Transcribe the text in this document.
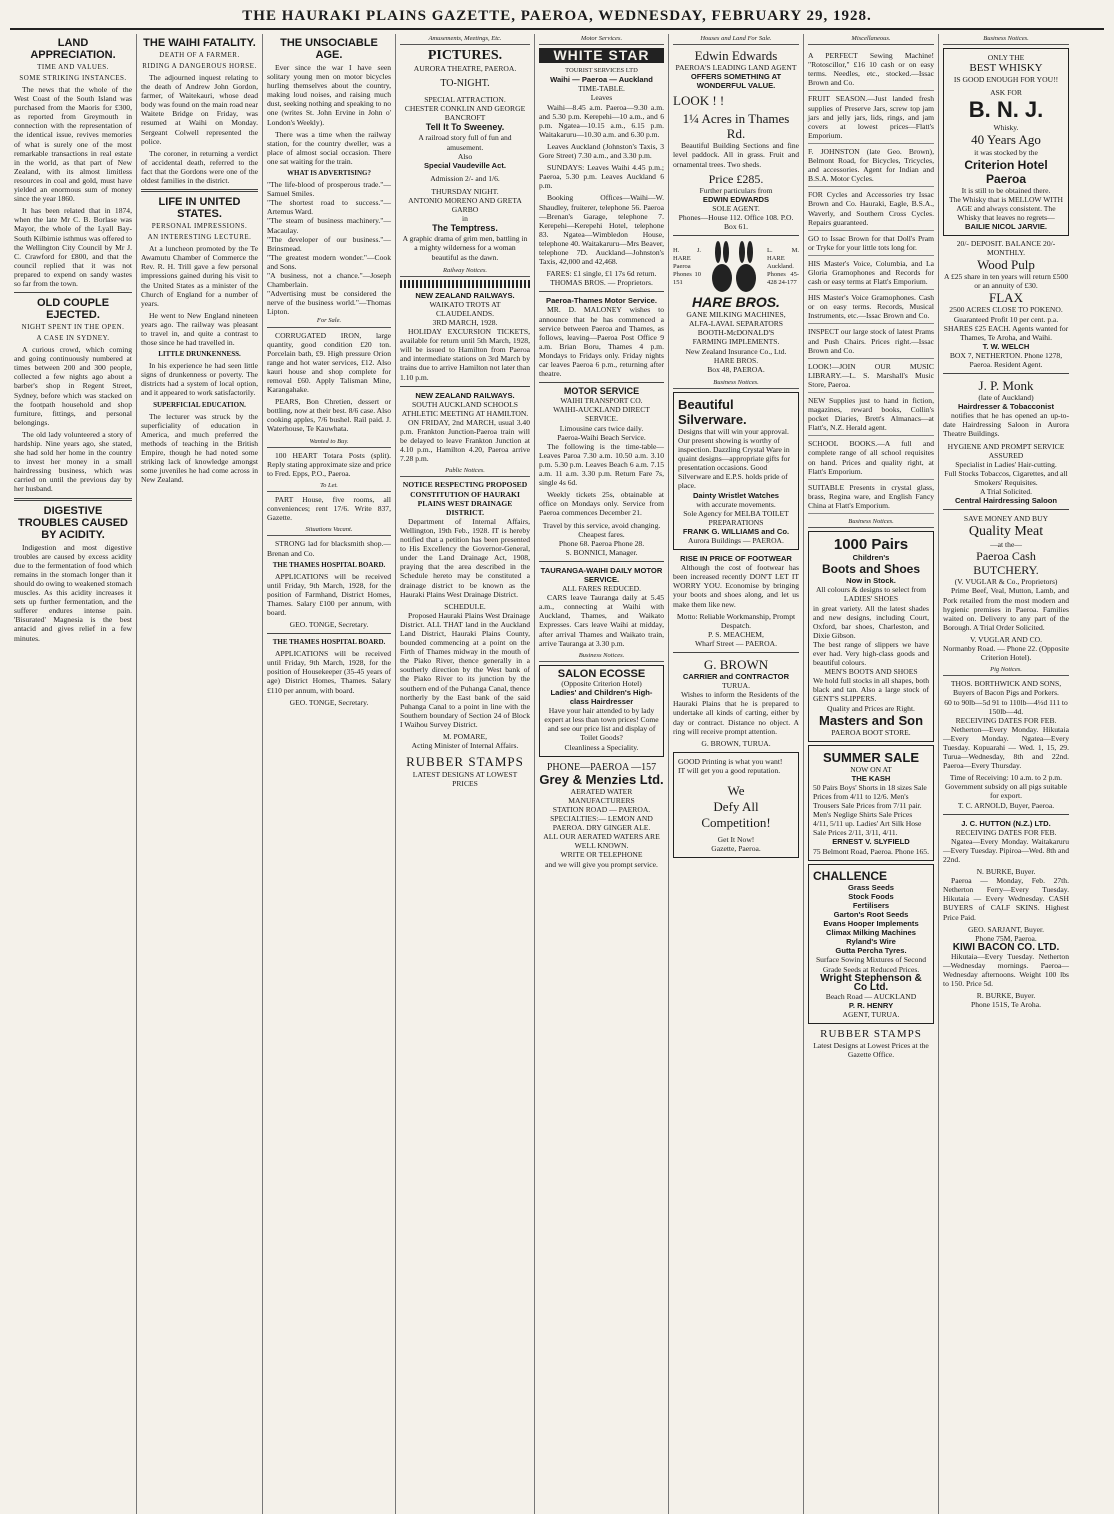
THE HAURAKI PLAINS GAZETTE, PAEROA, WEDNESDAY, FEBRUARY 29, 1928.
LAND APPRECIATION.
TIME AND VALUES.
SOME STRIKING INSTANCES.

The news that the whole of the West Coast of the South Island was purchased from the Maoris for £300, as reported from Greymouth in connection with the representation of the identical issue, revives memories of what is surely one of the most remarkable transactions in real estate in the world, as that part of New Zealand, with its almost limitless resources in coal and gold, must have yielded an enormous sum of money since the year 1860.

It has been related that in 1874, when the late Mr C. B. Borlase was Mayor, the whole of the Lyall Bay-South Kilbirnie isthmus was offered to the Wellington City Council by Mr J. C. Crawford for £800, and that the council replied that it was not prepared to expend on sandy wastes so far from the town.

OLD COUPLE EJECTED.
NIGHT SPENT IN THE OPEN.
A CASE IN SYDNEY.

A curious crowd, which coming and going continuously numbered at times between 200 and 300 people, collected a few nights ago about a barber's shop in Regent Street, Sydney, before which was stacked on the footpath household and shop furniture, fittings, and personal belongings.

The old lady volunteered a story of hardship. Nine years ago, she stated, she had sold her home in the country to invest her money in a small hairdressing business, which was carried on until the previous day by her husband.

DIGESTIVE TROUBLES CAUSED BY ACIDITY.

Indigestion and most digestive troubles are caused by excess acidity due to the fermentation of food which remains in the stomach longer than it should do owing to weakened stomach muscles. As this acidity increases it sets up further fermentation, and the sufferer endures intense pain. 'Bisurated' Magnesia is the best antacid and gives relief in a few minutes.

THE WAIHI FATALITY.
DEATH OF A FARMER.
RIDING A DANGEROUS HORSE.

The adjourned inquest relating to the death of Andrew John Gordon, farmer, of Waitekauri, whose dead body was found on the main road near Waitete Bridge on Friday, was resumed at Waihi on Monday. Sergeant Colwell represented the police.

The coroner, in returning a verdict of accidental death, referred to the fact that the Gordons were one of the oldest families in the district.

LIFE IN UNITED STATES.
PERSONAL IMPRESSIONS.
AN INTERESTING LECTURE.

At a luncheon promoted by the Te Awamutu Chamber of Commerce the Rev. R. H. Trill gave a few personal impressions gained during his visit to the United States as a minister of the Church of England for a number of years.

He went to New England nineteen years ago. The railway was pleasant to travel in, and quite a contrast to those since he had travelled in.

LITTLE DRUNKENNESS.

In his experience he had seen little signs of drunkenness or poverty. The districts had a system of local option, and it appeared to work satisfactorily.

SUPERFICIAL EDUCATION.

The lecturer was struck by the superficiality of education in America, and much preferred the methods of teaching in the British Empire, though he had noted some striking lack of knowledge amongst some juveniles he had come across in New Zealand.

THE UNSOCIABLE AGE.

Ever since the war I have seen solitary young men on motor bicycles hurling themselves about the country, making loud noises, and raising much dust, seeking nothing and speaking to no one (writes St. John Ervine in John o' London's Weekly).

There was a time when the railway station, for the country dweller, was a place of almost social occasion. There one sat waiting for the train.

WHAT IS ADVERTISING?
"The life-blood of prosperous trade."—Samuel Smiles.
"The shortest road to success."—Artemus Ward.
"The steam of business machinery."—Macaulay.
"The developer of our business."—Brinsmead.
"The greatest modern wonder."—Cook and Sons.
"A business, not a chance."—Joseph Chamberlain.
"Advertising must be considered the nerve of the business world."—Thomas Lipton.
For Sale.

CORRUGATED IRON, large quantity, good condition £20 ton. Porcelain bath, £9. High pressure Orion range and hot water services, £12. Also kauri house and shop complete for removal £60. Apply Talisman Mine, Karangahake.

PEARS, Bon Chretien, dessert or bottling, now at their best. 8/6 case. Also cooking apples, 7/6 bushel. Rail paid. J. Waterhouse, Te Kauwhata.

Wanted to Buy.

100 HEART Totara Posts (split). Reply stating approximate size and price to Fred. Epps, P.O., Paeroa.

To Let.

PART House, five rooms, all conveniences; rent 17/6. Write 837, Gazette.

Situations Vacant.

STRONG lad for blacksmith shop.—Brenan and Co.

THE THAMES HOSPITAL BOARD.

APPLICATIONS will be received until Friday, 9th March, 1928, for the position of Farmhand, District Homes, Thames. Salary £100 per annum, with board.

GEO. TONGE, Secretary.
THE THAMES HOSPITAL BOARD.

APPLICATIONS will be received until Friday, 9th March, 1928, for the position of Housekeeper (35-45 years of age) District Homes, Thames. Salary £110 per annum, with board.

GEO. TONGE, Secretary.
Amusements, Meetings, Etc.
PICTURES.
AURORA THEATRE, PAEROA.
TO-NIGHT.
SPECIAL ATTRACTION.
CHESTER CONKLIN AND GEORGE BANCROFT
Tell It To Sweeney.
A railroad story full of fun and amusement.
Also
Special Vaudeville Act.
Admission 2/- and 1/6.
THURSDAY NIGHT.
ANTONIO MORENO AND GRETA GARBO
in
The Temptress.
A graphic drama of grim men, battling in a mighty wilderness for a woman beautiful as the dawn.
Railway Notices.
NEW ZEALAND RAILWAYS.
WAIKATO TROTS AT CLAUDELANDS.
3RD MARCH, 1928.

HOLIDAY EXCURSION TICKETS, available for return until 5th March, 1928, will be issued to Hamilton from Paeroa and intermediate stations on 3rd March by trains due to arrive Hamilton not later than 1.10 p.m.

NEW ZEALAND RAILWAYS.
SOUTH AUCKLAND SCHOOLS ATHLETIC MEETING AT HAMILTON.

ON FRIDAY, 2nd MARCH, usual 3.40 p.m. Frankton Junction-Paeroa train will be delayed to leave Frankton Junction at 4.10 p.m., Hamilton 4.20, Paeroa arrive 7.28 p.m.

Public Notices.
NOTICE RESPECTING PROPOSED CONSTITUTION OF HAURAKI PLAINS WEST DRAINAGE DISTRICT.

Department of Internal Affairs, Wellington, 19th Feb., 1928. IT is hereby notified that a petition has been presented to His Excellency the Governor-General, under the Land Drainage Act, 1908, praying that the area described in the Schedule hereto may be constituted a drainage district to be known as the Hauraki Plains West Drainage District.

SCHEDULE.

Proposed Hauraki Plains West Drainage District. ALL THAT land in the Auckland Land District, Hauraki Plains County, bounded commencing at a point on the Firth of Thames midway in the mouth of the Piako River, thence generally in a southerly direction by the West bank of the Piako River to its junction by the southern end of the Puhanga Canal, thence northerly by the East bank of the said Puhanga Canal to a point in line with the Southern boundary of Section 24 of Block I Waihou Survey District.

M. POMARE,
Acting Minister of Internal Affairs.
RUBBER STAMPS
LATEST DESIGNS AT LOWEST PRICES
Motor Services.
WHITE STAR
TOURIST SERVICES LTD
Waihi — Paeroa — Auckland
TIME-TABLE.
Leaves

Waihi—8.45 a.m. Paeroa—9.30 a.m. and 5.30 p.m. Kerepehi—10 a.m., and 6 p.m. Ngatea—10.15 a.m., 6.15 p.m. Waitakaruru—10.30 a.m. and 6.30 p.m.

Leaves Auckland (Johnston's Taxis, 3 Gore Street) 7.30 a.m., and 3.30 p.m.

SUNDAYS: Leaves Waihi 4.45 p.m.; Paeroa, 5.30 p.m. Leaves Auckland 6 p.m.

Booking Offices—Waihi—W. Shaudley, fruiterer, telephone 56. Paeroa—Brenan's Garage, telephone 7. Kerepehi—Kerepehi Hotel, telephone 83. Ngatea—Wimbledon House, telephone 40. Waitakaruru—Mrs Beaver, telephone 7D. Auckland—Johnston's Taxis, 42,000 and 42,468.

FARES: £1 single, £1 17s 6d return.
THOMAS BROS. — Proprietors.
Paeroa-Thames Motor Service.

MR. D. MALONEY wishes to announce that he has commenced a service between Paeroa and Thames, as follows, leaving—Paeroa Post Office 9 a.m. Brian Boru, Thames 4 p.m. Mondays to Fridays only. Friday nights car leaves Paeroa 6 p.m., returning after theatre.

MOTOR SERVICE
WAIHI TRANSPORT CO.
WAIHI-AUCKLAND DIRECT SERVICE.
Limousine cars twice daily.
Paeroa-Waihi Beach Service.

The following is the time-table— Leaves Paroa 7.30 a.m. 10.50 a.m. 3.10 p.m. 5.30 p.m. Leaves Beach 6 a.m. 7.15 a.m. 11 a.m. 3.30 p.m. Return Fare 7s, single 4s 6d.

Weekly tickets 25s, obtainable at office on Mondays only. Service from Paeroa commences December 21.

Travel by this service, avoid changing. Cheapest fares.
Phone 68. Paeroa Phone 28.
S. BONNICI, Manager.
TAURANGA-WAIHI DAILY MOTOR SERVICE.
ALL FARES REDUCED.

CARS leave Tauranga daily at 5.45 a.m., connecting at Waihi with Auckland, Thames, and Waikato Expresses. Cars leave Waihi at midday, after arrival Thames and Waikato train, arrive Tauranga at 3.30 p.m.

Business Notices.
SALON ECOSSE
(Opposite Criterion Hotel)
Ladies' and Children's High-class Hairdresser
Have your hair attended to by lady expert at less than town prices! Come and see our price list and display of Toilet Goods?
Cleanliness a Speciality.
PHONE—PAEROA —157
Grey & Menzies Ltd.
AERATED WATER MANUFACTURERS
STATION ROAD — PAEROA.
SPECIALTIES:— LEMON AND PAEROA. DRY GINGER ALE.
ALL OUR AERATED WATERS ARE WELL KNOWN.
WRITE OR TELEPHONE
and we will give you prompt service.
Houses and Land For Sale.
Edwin Edwards
PAEROA'S LEADING LAND AGENT
OFFERS SOMETHING AT WONDERFUL VALUE.
LOOK ! !
1¼ Acres in Thames Rd.

Beautiful Building Sections and fine level paddock. All in grass. Fruit and ornamental trees. Two sheds.

Price £285.
Further particulars from
EDWIN EDWARDS
SOLE AGENT.
Phones—House 112. Office 108. P.O. Box 61.
H. J. HARE Paeroa Phones 10 151
L. M. HARE Auckland. Phones 45-428 24-177
HARE BROS.
GANE MILKING MACHINES,
ALFA-LAVAL SEPARATORS
BOOTH-McDONALD'S
FARMING IMPLEMENTS.
New Zealand Insurance Co., Ltd.
HARE BROS.
Box 48, PAEROA.
Business Notices.
Beautiful Silverware.
Designs that will win your approval. Our present showing is worthy of inspection. Dazzling Crystal Ware in quaint designs—appropriate gifts for presentation occasions. Good Silverware and E.P.S. holds pride of place.
Dainty Wristlet Watches
with accurate movements.
Sole Agency for MELBA TOILET PREPARATIONS
FRANK G. WILLIAMS and Co.
Aurora Buildings — PAEROA.
RISE IN PRICE OF FOOTWEAR

Although the cost of footwear has been increased recently DON'T LET IT WORRY YOU. Economise by bringing your boots and shoes along, and let us make them like new.

Motto: Reliable Workmanship, Prompt Despatch.
P. S. MEACHEM,
Wharf Street — PAEROA.
G. BROWN
CARRIER and CONTRACTOR
TURUA.

Wishes to inform the Residents of the Hauraki Plains that he is prepared to undertake all kinds of carting, either by day or contract. Distance no object. A ring will receive prompt attention.

G. BROWN, TURUA.
GOOD Printing is what you want!
IT will get you a good reputation.
We
Defy All
Competition!
Get It Now!
Gazette, Paeroa.
Miscellaneous.
A PERFECT Sewing Machine! "Rotoscillor," £16 10 cash or on easy terms. Needles, etc., stocked.—Issac Brown and Co.
FRUIT SEASON.—Just landed fresh supplies of Preserve Jars, screw top jam jars and jelly jars, lids, rings, and jam covers at lowest prices—Flatt's Emporium.
F. JOHNSTON (late Geo. Brown), Belmont Road, for Bicycles, Tricycles, and accessories. Agent for Indian and B.S.A. Motor Cycles.
FOR Cycles and Accessories try Issac Brown and Co. Hauraki, Eagle, B.S.A., Waverly, and Southern Cross Cycles. Repairs guaranteed.
GO to Issac Brown for that Doll's Pram or Tryke for your little tots long for.
HIS Master's Voice, Columbia, and La Gloria Gramophones and Records for cash or easy terms at Flatt's Emporium.
HIS Master's Voice Gramophones. Cash or on easy terms. Records, Musical Instruments, etc.—Issac Brown and Co.
INSPECT our large stock of latest Prams and Push Chairs. Prices right.—Issac Brown and Co.
LOOK!—JOIN OUR MUSIC LIBRARY.—L. S. Marshall's Music Store, Paeroa.
NEW Supplies just to hand in fiction, magazines, reward books, Collin's pocket Diaries, Brett's Almanacs—at Flatt's, N.Z. Herald agent.
SCHOOL BOOKS.—A full and complete range of all school requisites on hand. Prices and quality right, at Flatt's Emporium.
SUITABLE Presents in crystal glass, brass, Regina ware, and English Fancy China at Flatt's Emporium.
Business Notices.
1000 Pairs
Children's
Boots and Shoes
Now in Stock.
All colours & designs to select from
LADIES' SHOES
in great variety. All the latest shades and new designs, including Court, Oxford, bar shoes, Charleston, and Dixie Gibson.
The best range of slippers we have ever had. Very high-class goods and beautiful colours.
MEN'S BOOTS AND SHOES
We hold full stocks in all shapes, both black and tan. Also a large stock of GENT'S SLIPPERS.
Quality and Prices are Right.
Masters and Son
PAEROA BOOT STORE.
SUMMER SALE
NOW ON AT
THE KASH
50 Pairs Boys' Shorts in 18 sizes Sale Prices from 4/11 to 12/6. Men's Trousers Sale Prices from 7/11 pair. Men's Neglige Shirts Sale Prices 4/11, 5/11 up. Ladies' Art Silk Hose Sale Prices 2/11, 3/11, 4/11.
ERNEST V. SLYFIELD
75 Belmont Road, Paeroa. Phone 165.
CHALLENCE
Grass Seeds
Stock Foods
Fertilisers
Garton's Root Seeds
Evans Hooper Implements
Climax Milking Machines
Ryland's Wire
Gutta Percha Tyres.
Surface Sowing Mixtures of Second Grade Seeds at Reduced Prices.
Wright Stephenson & Co Ltd.
Beach Road — AUCKLAND
P. R. HENRY
AGENT, TURUA.
RUBBER STAMPS
Latest Designs at Lowest Prices at the Gazette Office.
Business Notices.
ONLY THE
BEST WHISKY
IS GOOD ENOUGH FOR YOU!!
ASK FOR
B. N. J.
Whisky.
40 Years Ago
it was stocked by the
Criterion Hotel
Paeroa
It is still to be obtained there.
The Whisky that is MELLOW WITH AGE and always consistent. The Whisky that leaves no regrets—
BAILIE NICOL JARVIE.
20/- DEPOSIT. BALANCE 20/- MONTHLY.
Wood Pulp
A £25 share in ten years will return £500 or an annuity of £30.
FLAX
2500 ACRES CLOSE TO POKENO.
Guaranteed Profit 10 per cent. p.a. SHARES £25 EACH. Agents wanted for Thames, Te Aroha, and Waihi.
T. W. WELCH
BOX 7, NETHERTON. Phone 1278, Paeroa. Resident Agent.
J. P. Monk
(late of Auckland)
Hairdresser & Tobacconist

notifies that he has opened an up-to-date Hairdressing Saloon in Aurora Theatre Buildings.

HYGIENE AND PROMPT SERVICE ASSURED
Specialist in Ladies' Hair-cutting.
Full Stocks Tobaccos, Cigarettes, and all Smokers' Requisites.
A Trial Solicited.
Central Hairdressing Saloon
SAVE MONEY AND BUY
Quality Meat
—at the—
Paeroa Cash BUTCHERY.
(V. VUGLAR & Co., Proprietors)

Prime Beef, Veal, Mutton, Lamb, and Pork retailed from the most modern and hygienic premises in Paeroa. Families waited on. Delivery to any part of the Borough. A Trial Order Solicited.

V. VUGLAR AND CO.
Normanby Road. — Phone 22. (Opposite Criterion Hotel).
Pig Notices.
THOS. BORTHWICK AND SONS,
Buyers of Bacon Pigs and Porkers.
60 to 90lb—5d 91 to 110lb—4½d 111 to 150lb—4d.
RECEIVING DATES FOR FEB.

Netherton—Every Monday. Hikutaia—Every Monday. Ngatea—Every Tuesday. Kopuarahi — Wed. 1, 15, 29. Turua—Wednesday, 8th and 22nd. Paeroa—Every Thursday.

Time of Receiving: 10 a.m. to 2 p.m.
Government subsidy on all pigs suitable for export.
T. C. ARNOLD, Buyer, Paeroa.
J. C. HUTTON (N.Z.) LTD.
RECEIVING DATES FOR FEB.

Ngatea—Every Monday. Waitakaruru—Every Tuesday. Pipiroa—Wed. 8th and 22nd.

N. BURKE, Buyer.

Paeroa — Monday, Feb. 27th. Netherton Ferry—Every Tuesday. Hikutaia — Every Wednesday. CASH BUYERS of CALF SKINS. Highest Price Paid.

GEO. SARJANT, Buyer.
Phone 75M, Paeroa.
KIWI BACON CO. LTD.

Hikutaia—Every Tuesday. Netherton—Wednesday mornings. Paeroa—Wednesday afternoons. Weight 100 lbs to 150. Price 5d.

R. BURKE, Buyer.
Phone 151S, Te Aroha.
